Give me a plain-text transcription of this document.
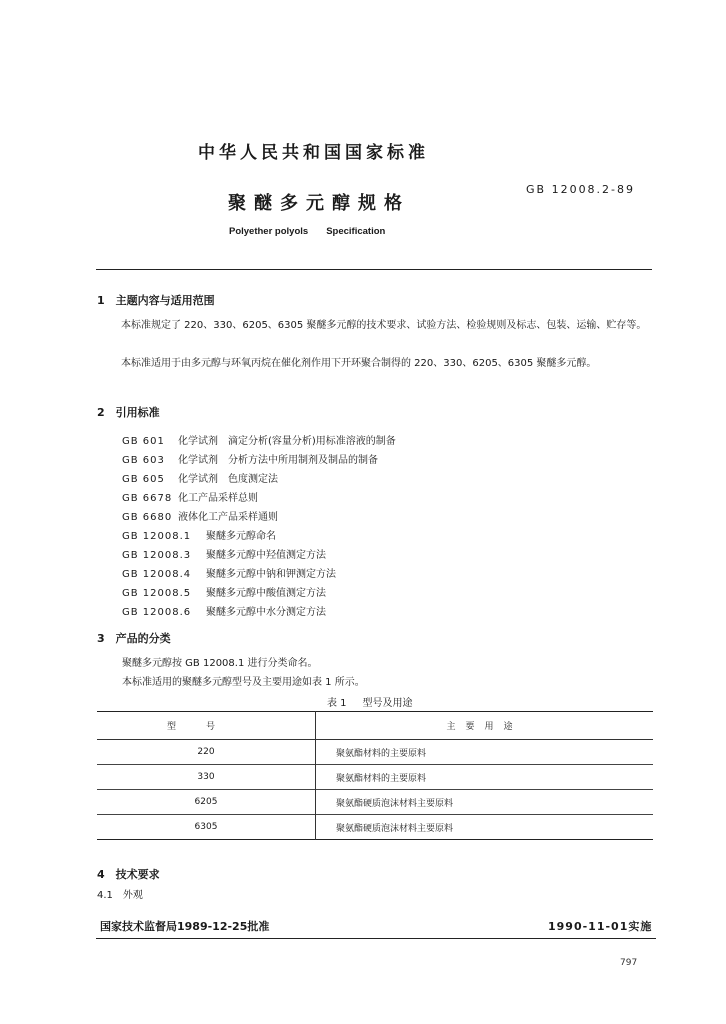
中华人民共和国国家标准
聚醚多元醇规格
GB 12008.2-89
Polyether polyols Specification
1　主题内容与适用范围
本标准规定了 220、330、6205、6305 聚醚多元醇的技术要求、试验方法、检验规则及标志、包装、运输、贮存等。
本标准适用于由多元醇与环氧丙烷在催化剂作用下开环聚合制得的 220、330、6205、6305 聚醚多元醇。
2　引用标准
GB 601 化学试剂　滴定分析(容量分析)用标准溶液的制备
GB 603 化学试剂　分析方法中所用制剂及制品的制备
GB 605 化学试剂　色度测定法
GB 6678 化工产品采样总则
GB 6680 液体化工产品采样通则
GB 12008.1 聚醚多元醇命名
GB 12008.3 聚醚多元醇中羟值测定方法
GB 12008.4 聚醚多元醇中钠和钾测定方法
GB 12008.5 聚醚多元醇中酸值测定方法
GB 12008.6 聚醚多元醇中水分测定方法
3　产品的分类
聚醚多元醇按 GB 12008.1 进行分类命名。
本标准适用的聚醚多元醇型号及主要用途如表 1 所示。
表 1 型号及用途
型号	主要用途
220	聚氨酯材料的主要原料
330	聚氨酯材料的主要原料
6205	聚氨酯硬质泡沫材料主要原料
6305	聚氨酯硬质泡沫材料主要原料
4　技术要求
4.1　外观
国家技术监督局1989-12-25批准	1990-11-01实施
797
